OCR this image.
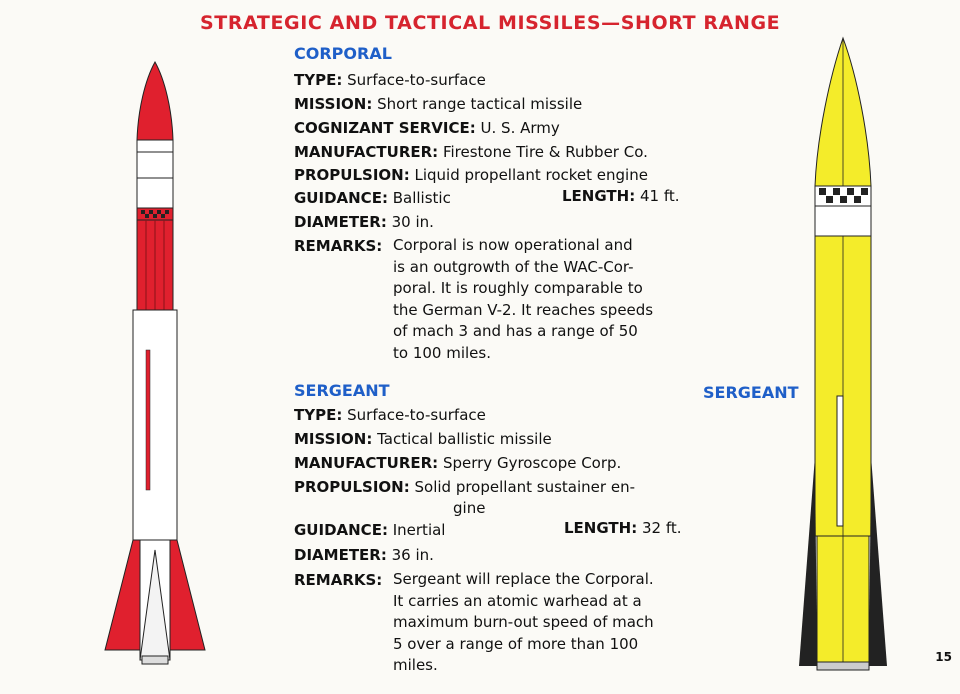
STRATEGIC AND TACTICAL MISSILES—SHORT RANGE
CORPORAL
TYPE: Surface-to-surface
MISSION: Short range tactical missile
COGNIZANT SERVICE: U. S. Army
MANUFACTURER: Firestone Tire & Rubber Co.
PROPULSION: Liquid propellant rocket engine
GUIDANCE: Ballistic	LENGTH: 41 ft.
DIAMETER: 30 in.
REMARKS: Corporal is now operational and
is an outgrowth of the WAC-Cor-
poral. It is roughly comparable to
the German V-2. It reaches speeds
of mach 3 and has a range of 50
to 100 miles.
SERGEANT	SERGEANT
TYPE: Surface-to-surface
MISSION: Tactical ballistic missile
MANUFACTURER: Sperry Gyroscope Corp.
PROPULSION: Solid propellant sustainer en-
gine
GUIDANCE: Inertial	LENGTH: 32 ft.
DIAMETER: 36 in.
REMARKS: Sergeant will replace the Corporal.
It carries an atomic warhead at a
maximum burn-out speed of mach
5 over a range of more than 100
miles.	15
